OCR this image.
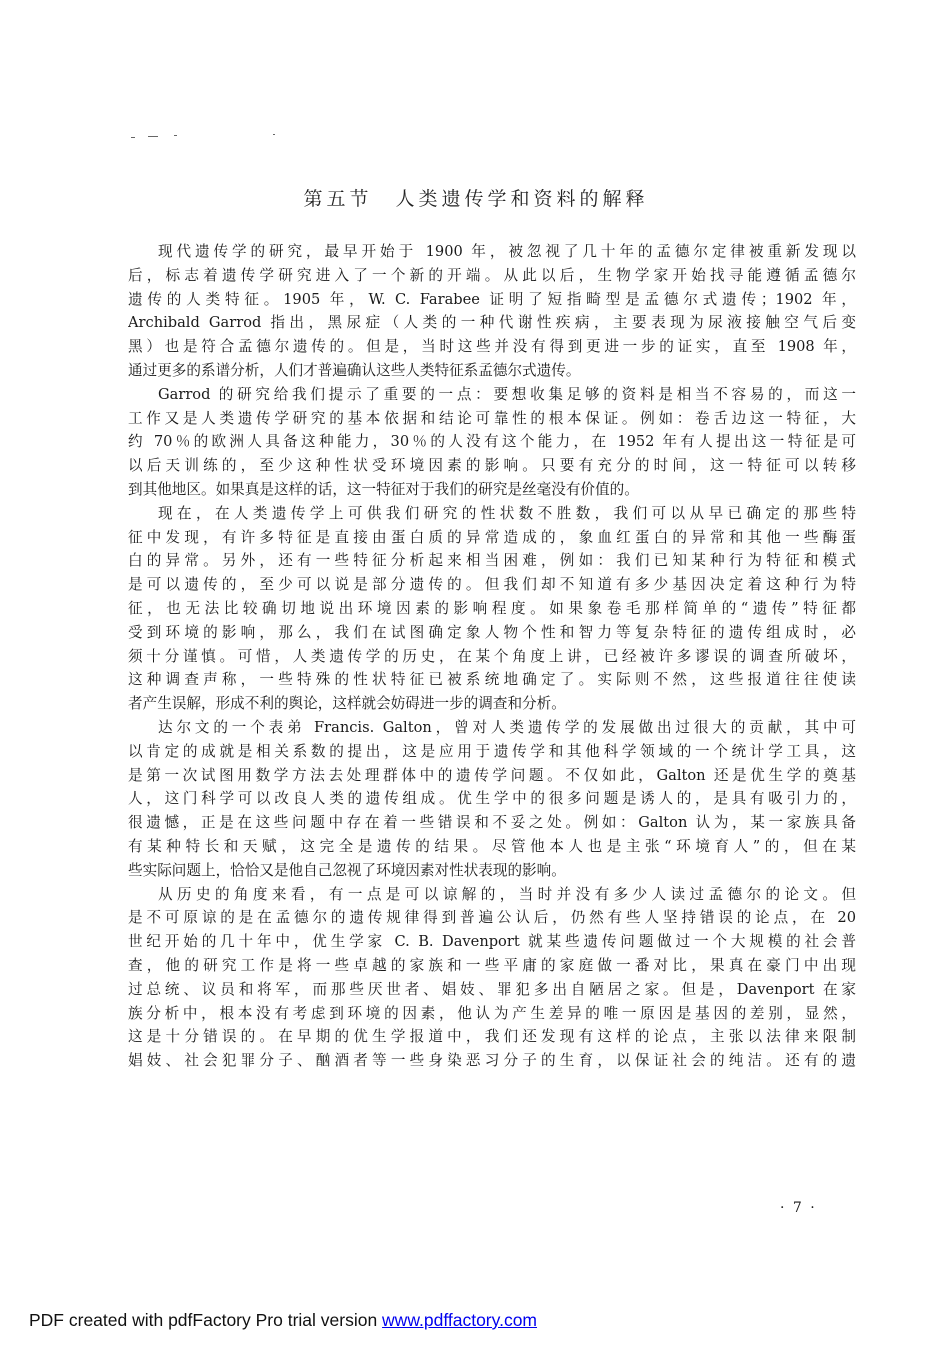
第五节　人类遗传学和资料的解释
现代遗传学的研究，最早开始于 1900 年，被忽视了几十年的孟德尔定律被重新发现以
后，标志着遗传学研究进入了一个新的开端。从此以后，生物学家开始找寻能遵循孟德尔
遗传的人类特征。1905 年，W. C. Farabee 证明了短指畸型是孟德尔式遗传；1902 年，
Archibald Garrod 指出，黑尿症（人类的一种代谢性疾病，主要表现为尿液接触空气后变
黑）也是符合孟德尔遗传的。但是，当时这些并没有得到更进一步的证实，直至 1908 年，
通过更多的系谱分析，人们才普遍确认这些人类特征系孟德尔式遗传。
Garrod 的研究给我们提示了重要的一点：要想收集足够的资料是相当不容易的，而这一
工作又是人类遗传学研究的基本依据和结论可靠性的根本保证。例如：卷舌边这一特征，大
约 70％的欧洲人具备这种能力，30％的人没有这个能力，在 1952 年有人提出这一特征是可
以后天训练的，至少这种性状受环境因素的影响。只要有充分的时间，这一特征可以转移
到其他地区。如果真是这样的话，这一特征对于我们的研究是丝毫没有价值的。
现在，在人类遗传学上可供我们研究的性状数不胜数，我们可以从早已确定的那些特
征中发现，有许多特征是直接由蛋白质的异常造成的，象血红蛋白的异常和其他一些酶蛋
白的异常。另外，还有一些特征分析起来相当困难，例如：我们已知某种行为特征和模式
是可以遗传的，至少可以说是部分遗传的。但我们却不知道有多少基因决定着这种行为特
征，也无法比较确切地说出环境因素的影响程度。如果象卷毛那样简单的“遗传”特征都
受到环境的影响，那么，我们在试图确定象人物个性和智力等复杂特征的遗传组成时，必
须十分谨慎。可惜，人类遗传学的历史，在某个角度上讲，已经被许多谬误的调查所破坏，
这种调查声称，一些特殊的性状特征已被系统地确定了。实际则不然，这些报道往往使读
者产生误解，形成不利的舆论，这样就会妨碍进一步的调查和分析。
达尔文的一个表弟 Francis. Galton，曾对人类遗传学的发展做出过很大的贡献，其中可
以肯定的成就是相关系数的提出，这是应用于遗传学和其他科学领域的一个统计学工具，这
是第一次试图用数学方法去处理群体中的遗传学问题。不仅如此，Galton 还是优生学的奠基
人，这门科学可以改良人类的遗传组成。优生学中的很多问题是诱人的，是具有吸引力的，
很遗憾，正是在这些问题中存在着一些错误和不妥之处。例如：Galton 认为，某一家族具备
有某种特长和天赋，这完全是遗传的结果。尽管他本人也是主张“环境育人”的，但在某
些实际问题上，恰恰又是他自己忽视了环境因素对性状表现的影响。
从历史的角度来看，有一点是可以谅解的，当时并没有多少人读过孟德尔的论文。但
是不可原谅的是在孟德尔的遗传规律得到普遍公认后，仍然有些人坚持错误的论点，在 20
世纪开始的几十年中，优生学家 C. B. Davenport 就某些遗传问题做过一个大规模的社会普
查，他的研究工作是将一些卓越的家族和一些平庸的家庭做一番对比，果真在豪门中出现
过总统、议员和将军，而那些厌世者、娼妓、罪犯多出自陋居之家。但是，Davenport 在家
族分析中，根本没有考虑到环境的因素，他认为产生差异的唯一原因是基因的差别，显然，
这是十分错误的。在早期的优生学报道中，我们还发现有这样的论点，主张以法律来限制
娼妓、社会犯罪分子、酗酒者等一些身染恶习分子的生育，以保证社会的纯洁。还有的遗
· 7 ·
PDF created with pdfFactory Pro trial version www.pdffactory.com
